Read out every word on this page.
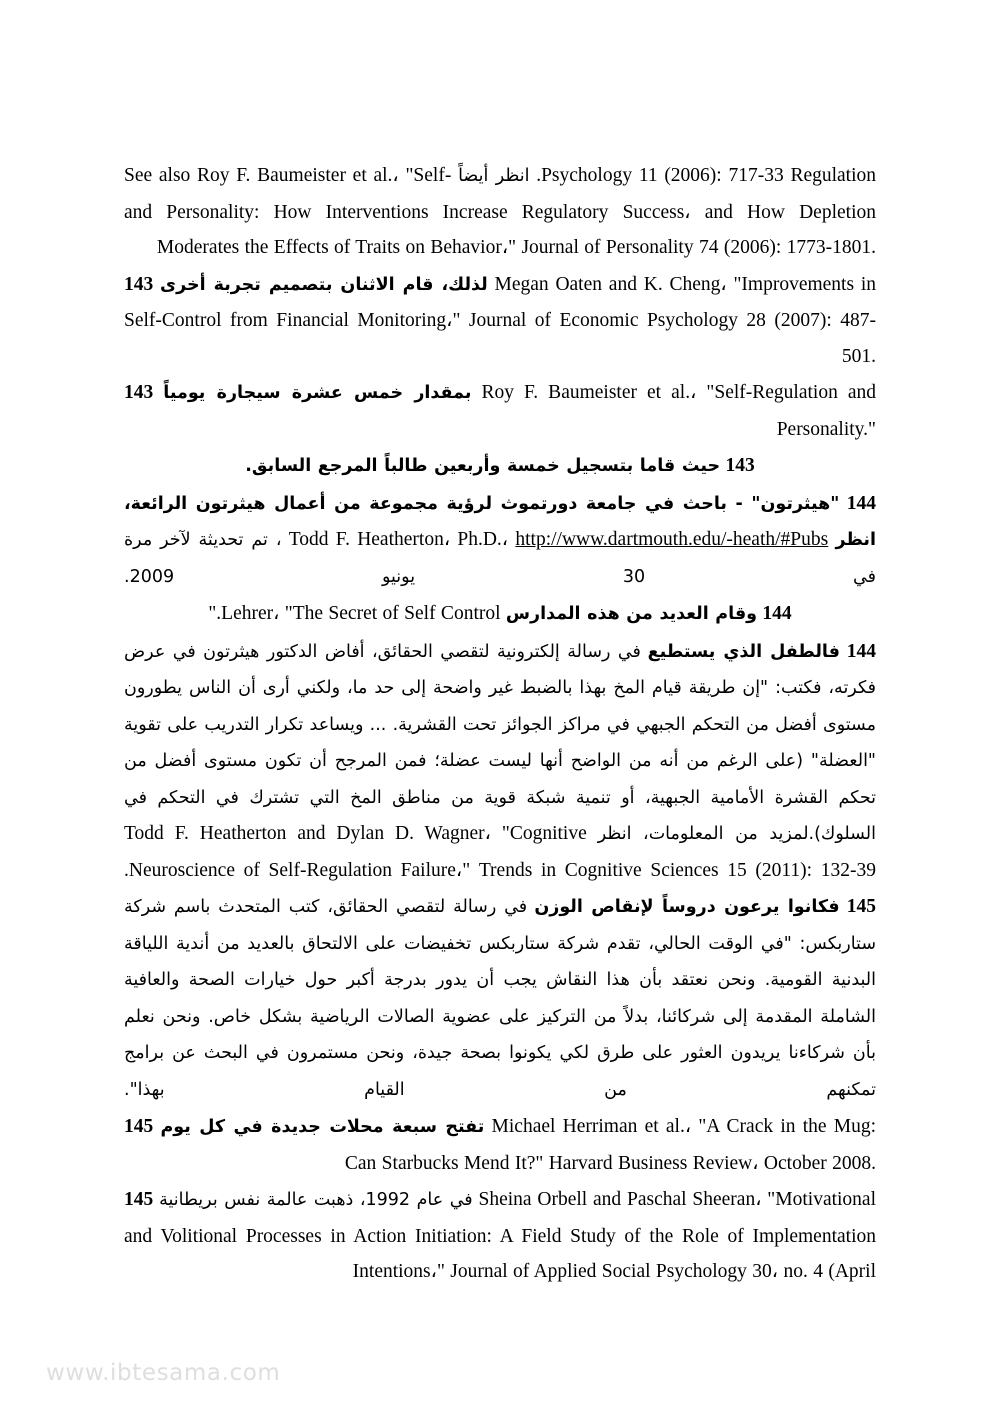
See also Roy F. Baumeister et al.، "Self- انظر أيضاً .Psychology 11 (2006): 717-33 Regulation and Personality: How Interventions Increase Regulatory Success، and How Depletion Moderates the Effects of Traits on Behavior،" Journal of Personality 74 (2006): 1773-1801.

143 لذلك، قام الاثنان بتصميم تجربة أخرى Megan Oaten and K. Cheng، "Improvements in Self-Control from Financial Monitoring،" Journal of Economic Psychology 28 (2007): 487-501.

143 بمقدار خمس عشرة سيجارة يومياً Roy F. Baumeister et al.، "Self-Regulation and Personality."

143 حيث قاما بتسجيل خمسة وأربعين طالباً المرجع السابق.

144 "هيثرتون" - باحث في جامعة دورتموث لرؤية مجموعة من أعمال هيثرتون الرائعة، انظر Todd F. Heatherton، Ph.D.، http://www.dartmouth.edu/-heath/#Pubs ، تم تحديثة لآخر مرة في 30 يونيو 2009.

144 وقام العديد من هذه المدارس Lehrer، "The Secret of Self Control."

144 فالطفل الذي يستطيع في رسالة إلكترونية لتقصي الحقائق، أفاض الدكتور هيثرتون في عرض فكرته، فكتب: "إن طريقة قيام المخ بهذا بالضبط غير واضحة إلى حد ما، ولكني أرى أن الناس يطورون مستوى أفضل من التحكم الجبهي في مراكز الجوائز تحت القشرية. ... ويساعد تكرار التدريب على تقوية "العضلة" (على الرغم من أنه من الواضح أنها ليست عضلة؛ فمن المرجح أن تكون مستوى أفضل من تحكم القشرة الأمامية الجبهية، أو تنمية شبكة قوية من مناطق المخ التي تشترك في التحكم في السلوك).لمزيد من المعلومات، انظر Todd F. Heatherton and Dylan D. Wagner، "Cognitive Neuroscience of Self-Regulation Failure،" Trends in Cognitive Sciences 15 (2011): 132-39.

145 فكانوا يرعون دروساً لإنقاص الوزن في رسالة لتقصي الحقائق، كتب المتحدث باسم شركة ستاربكس: "في الوقت الحالي، تقدم شركة ستاربكس تخفيضات على الالتحاق بالعديد من أندية اللياقة البدنية القومية. ونحن نعتقد بأن هذا النقاش يجب أن يدور بدرجة أكبر حول خيارات الصحة والعافية الشاملة المقدمة إلى شركائنا، بدلاً من التركيز على عضوية الصالات الرياضية بشكل خاص. ونحن نعلم بأن شركاءنا يريدون العثور على طرق لكي يكونوا بصحة جيدة، ونحن مستمرون في البحث عن برامج تمكنهم من القيام بهذا".

145 تفتح سبعة محلات جديدة في كل يوم Michael Herriman et al.، "A Crack in the Mug: Can Starbucks Mend It?" Harvard Business Review، October 2008.

145 في عام 1992، ذهبت عالمة نفس بريطانية Sheina Orbell and Paschal Sheeran، "Motivational and Volitional Processes in Action Initiation: A Field Study of the Role of Implementation Intentions،" Journal of Applied Social Psychology 30، no. 4 (April

www.ibtesama.com
